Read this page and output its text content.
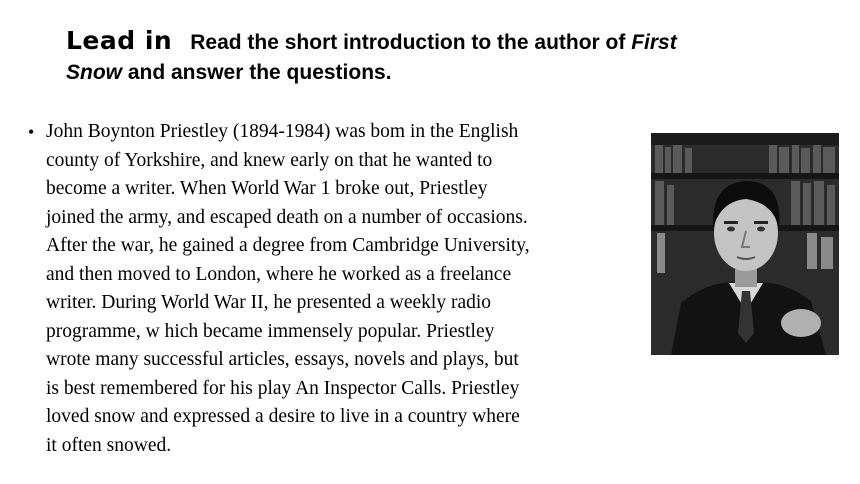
Lead in Read the short introduction to the author of First
Snow and answer the questions.
• John Boynton Priestley (1894-1984) was bom in the English
county of Yorkshire, and knew early on that he wanted to
become a writer. When World War 1 broke out, Priestley
joined the army, and escaped death on a number of occasions.
After the war, he gained a degree from Cambridge University,
and then moved to London, where he worked as a freelance
writer. During World War II, he presented a weekly radio
programme, w hich became immensely popular. Priestley
wrote many successful articles, essays, novels and plays, but
is best remembered for his play An Inspector Calls. Priestley
loved snow and expressed a desire to live in a country where
it often snowed.
